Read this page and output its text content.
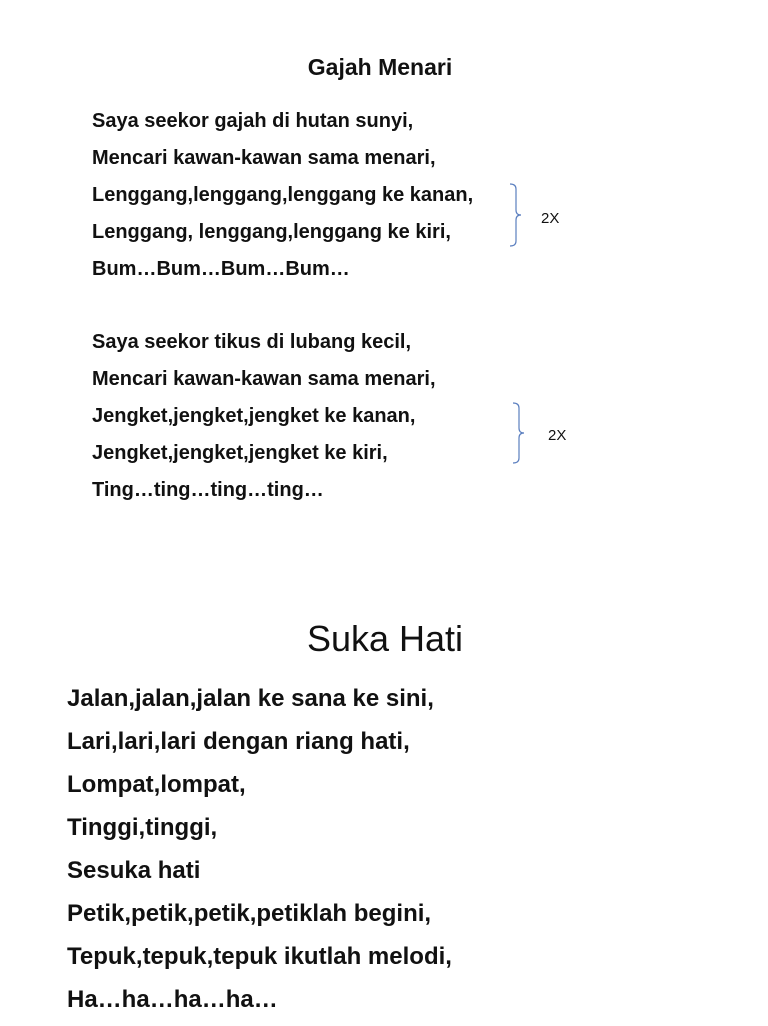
Gajah Menari
Saya seekor gajah di hutan sunyi,
Mencari kawan-kawan sama menari,
Lenggang,lenggang,lenggang ke kanan,
Lenggang, lenggang,lenggang ke kiri,
Bum…Bum…Bum…Bum…
2X
Saya seekor tikus di lubang kecil,
Mencari kawan-kawan sama menari,
Jengket,jengket,jengket ke kanan,
Jengket,jengket,jengket ke kiri,
Ting…ting…ting…ting…
2X
Suka Hati
Jalan,jalan,jalan ke sana ke sini,
Lari,lari,lari dengan riang hati,
Lompat,lompat,
Tinggi,tinggi,
Sesuka hati
Petik,petik,petik,petiklah begini,
Tepuk,tepuk,tepuk ikutlah melodi,
Ha…ha…ha…ha…
